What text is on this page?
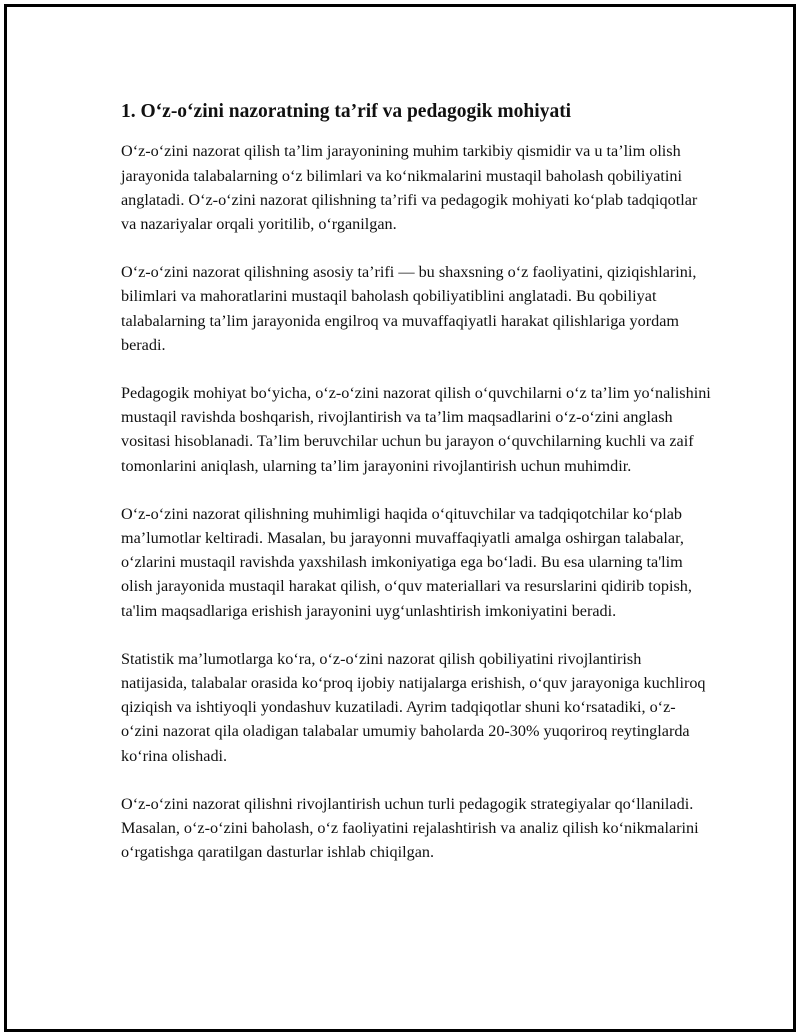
1. O‘z-o‘zini nazoratning ta’rif va pedagogik mohiyati

O‘z-o‘zini nazorat qilish ta’lim jarayonining muhim tarkibiy qismidir va u ta’lim olish jarayonida talabalarning o‘z bilimlari va ko‘nikmalarini mustaqil baholash qobiliyatini anglatadi. O‘z-o‘zini nazorat qilishning ta’rifi va pedagogik mohiyati ko‘plab tadqiqotlar va nazariyalar orqali yoritilib, o‘rganilgan.

O‘z-o‘zini nazorat qilishning asosiy ta’rifi — bu shaxsning o‘z faoliyatini, qiziqishlarini, bilimlari va mahoratlarini mustaqil baholash qobiliyatiblini anglatadi. Bu qobiliyat talabalarning ta’lim jarayonida engilroq va muvaffaqiyatli harakat qilishlariga yordam beradi.

Pedagogik mohiyat bo‘yicha, o‘z-o‘zini nazorat qilish o‘quvchilarni o‘z ta’lim yo‘nalishini mustaqil ravishda boshqarish, rivojlantirish va ta’lim maqsadlarini o‘z-o‘zini anglash vositasi hisoblanadi. Ta’lim beruvchilar uchun bu jarayon o‘quvchilarning kuchli va zaif tomonlarini aniqlash, ularning ta’lim jarayonini rivojlantirish uchun muhimdir.

O‘z-o‘zini nazorat qilishning muhimligi haqida o‘qituvchilar va tadqiqotchilar ko‘plab ma’lumotlar keltiradi. Masalan, bu jarayonni muvaffaqiyatli amalga oshirgan talabalar, o‘zlarini mustaqil ravishda yaxshilash imkoniyatiga ega bo‘ladi. Bu esa ularning ta'lim olish jarayonida mustaqil harakat qilish, o‘quv materiallari va resurslarini qidirib topish, ta'lim maqsadlariga erishish jarayonini uyg‘unlashtirish imkoniyatini beradi.

Statistik ma’lumotlarga ko‘ra, o‘z-o‘zini nazorat qilish qobiliyatini rivojlantirish natijasida, talabalar orasida ko‘proq ijobiy natijalarga erishish, o‘quv jarayoniga kuchliroq qiziqish va ishtiyoqli yondashuv kuzatiladi. Ayrim tadqiqotlar shuni ko‘rsatadiki, o‘z-o‘zini nazorat qila oladigan talabalar umumiy baholarda 20-30% yuqoriroq reytinglarda ko‘rina olishadi.

O‘z-o‘zini nazorat qilishni rivojlantirish uchun turli pedagogik strategiyalar qo‘llaniladi. Masalan, o‘z-o‘zini baholash, o‘z faoliyatini rejalashtirish va analiz qilish ko‘nikmalarini o‘rgatishga qaratilgan dasturlar ishlab chiqilgan.
